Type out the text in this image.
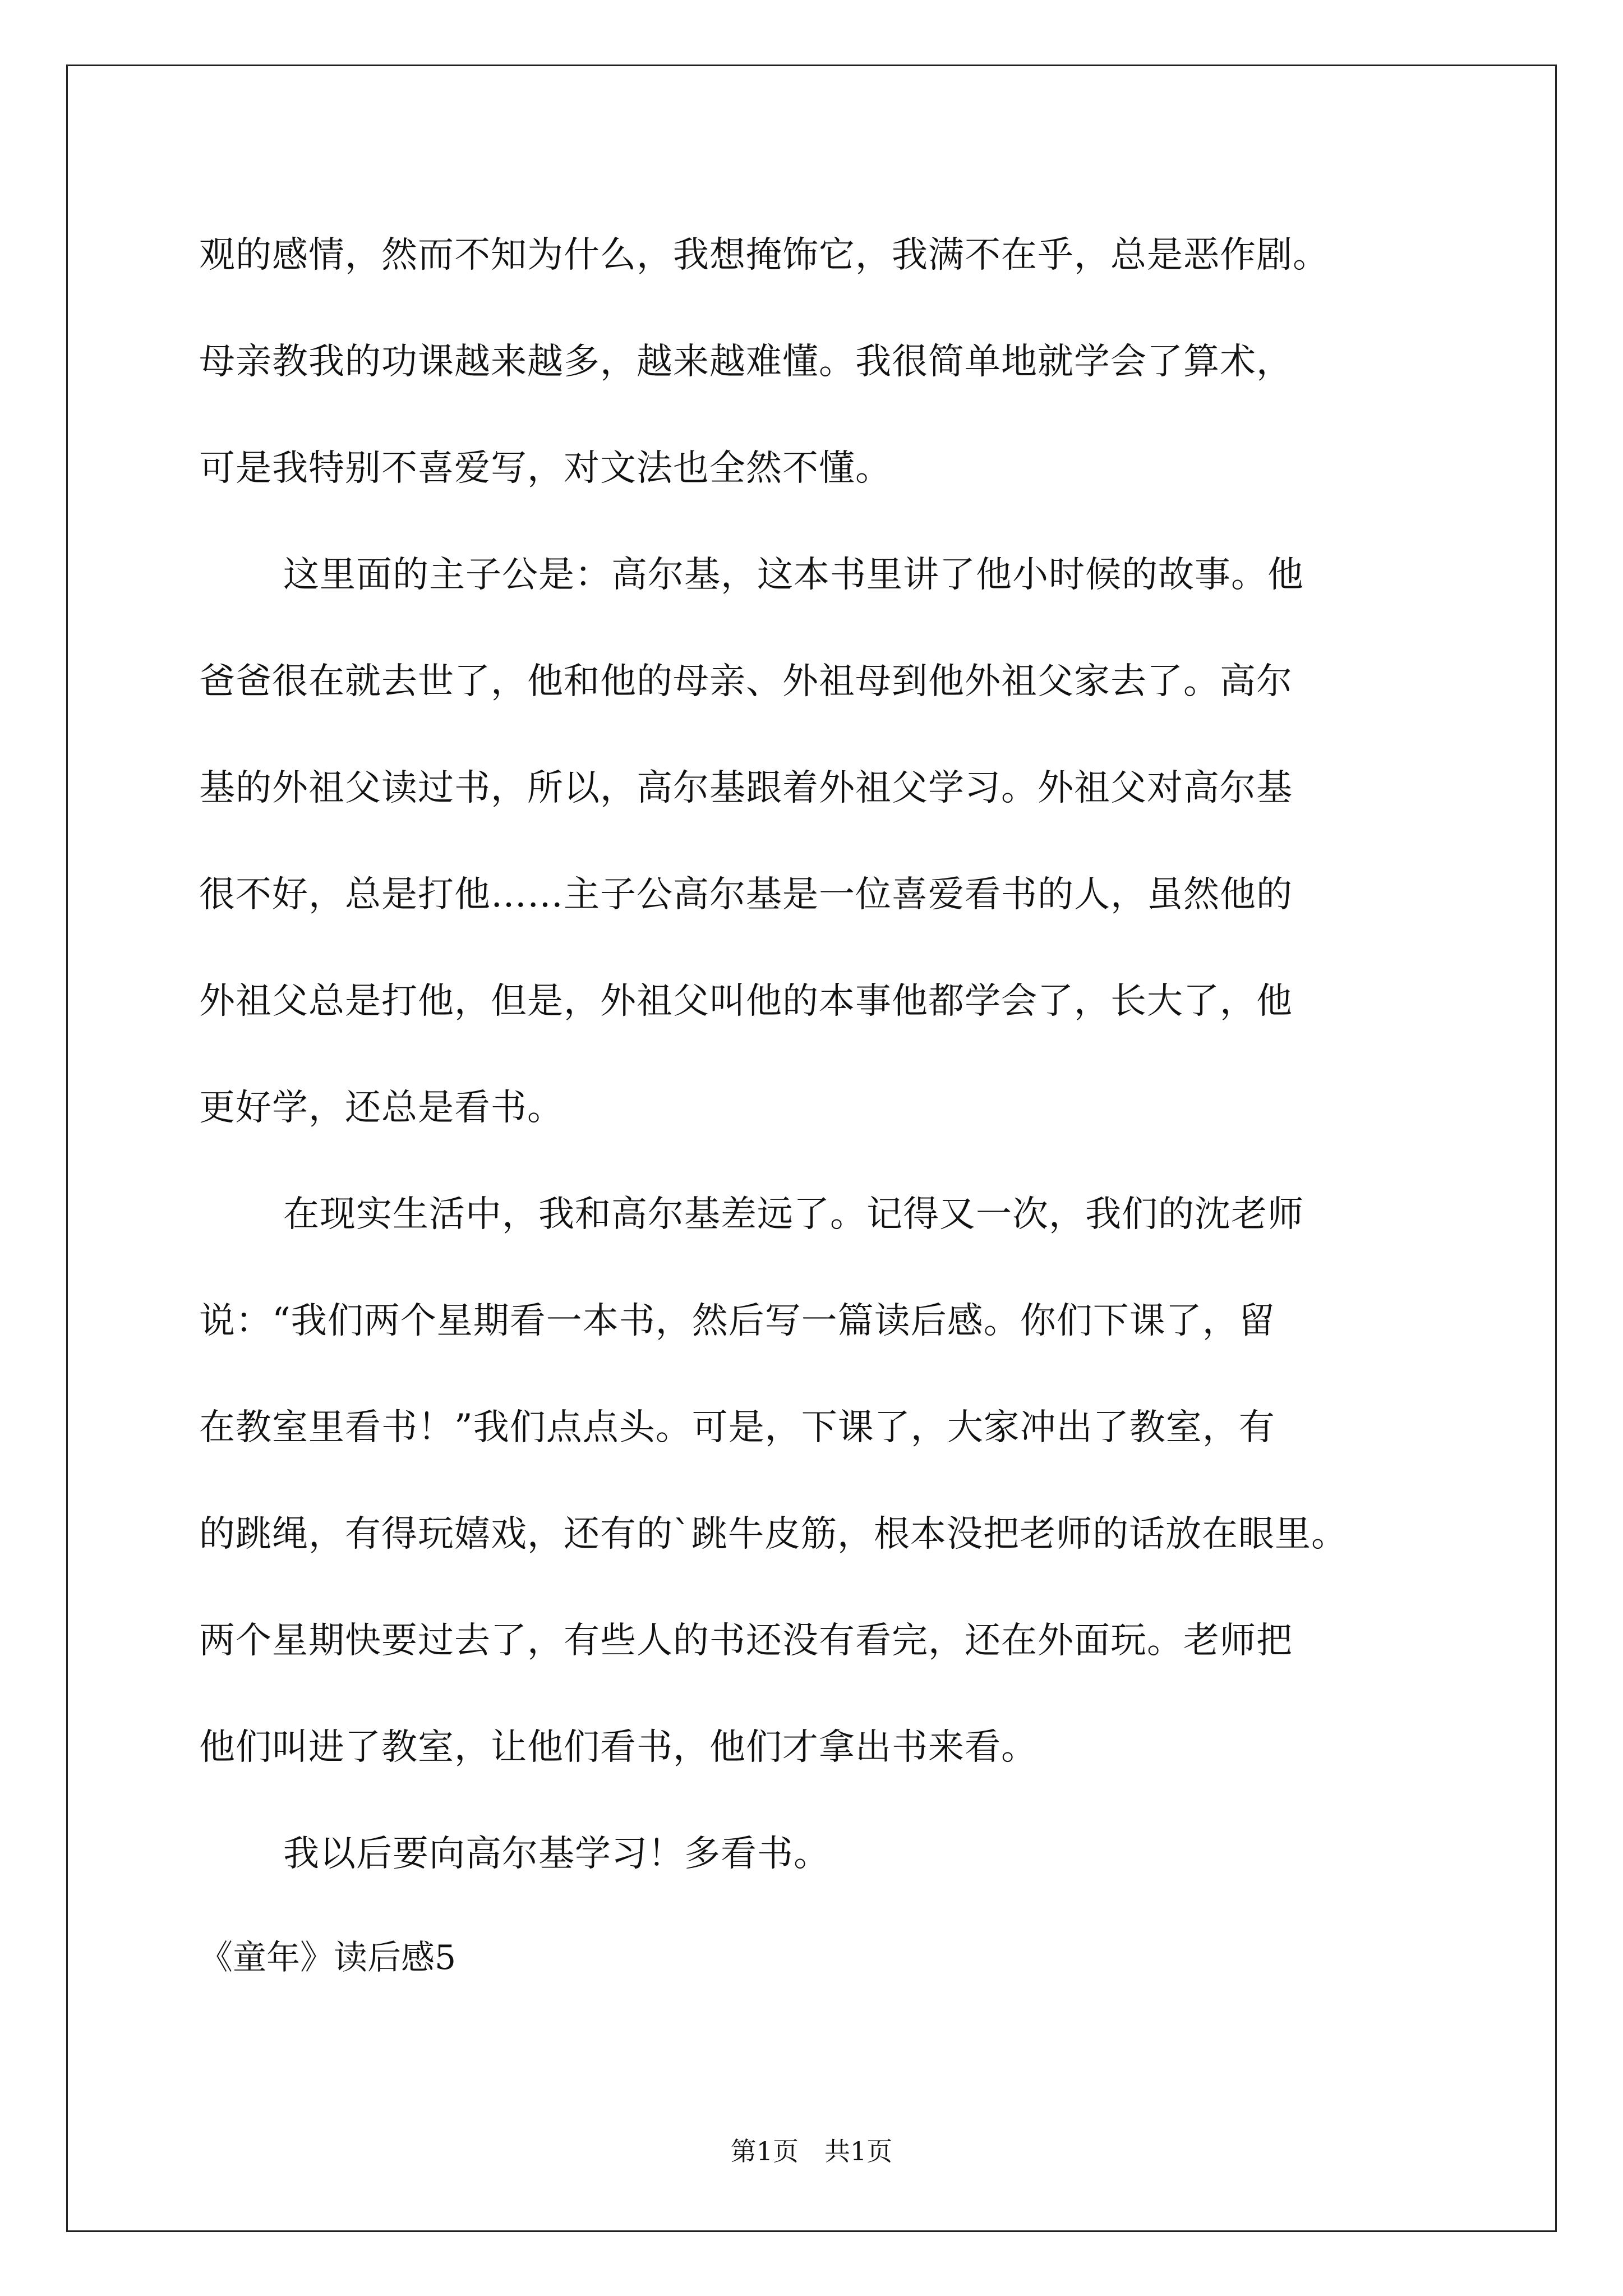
观的感情，然而不知为什么，我想掩饰它，我满不在乎，总是恶作剧。
母亲教我的功课越来越多，越来越难懂。我很简单地就学会了算术，
可是我特别不喜爱写，对文法也全然不懂。
这里面的主子公是：高尔基，这本书里讲了他小时候的故事。他
爸爸很在就去世了，他和他的母亲、外祖母到他外祖父家去了。高尔
基的外祖父读过书，所以，高尔基跟着外祖父学习。外祖父对高尔基
很不好，总是打他……主子公高尔基是一位喜爱看书的人，虽然他的
外祖父总是打他，但是，外祖父叫他的本事他都学会了，长大了，他
更好学，还总是看书。
在现实生活中，我和高尔基差远了。记得又一次，我们的沈老师
说：“我们两个星期看一本书，然后写一篇读后感。你们下课了，留
在教室里看书！”我们点点头。可是，下课了，大家冲出了教室，有
的跳绳，有得玩嬉戏，还有的`跳牛皮筋，根本没把老师的话放在眼里。
两个星期快要过去了，有些人的书还没有看完，还在外面玩。老师把
他们叫进了教室，让他们看书，他们才拿出书来看。
我以后要向高尔基学习！多看书。
《童年》读后感5
第1页　共1页
